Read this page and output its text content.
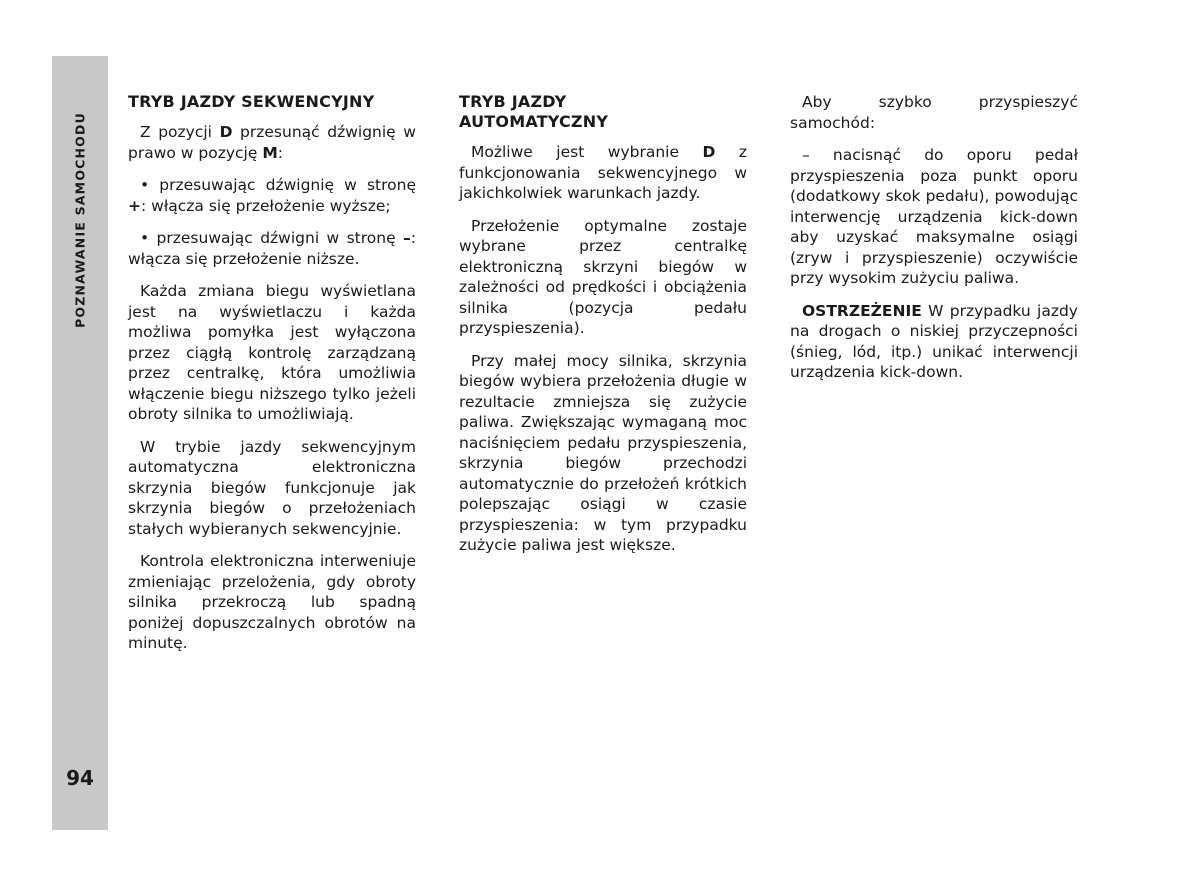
POZNAWANIE SAMOCHODU
94
TRYB JAZDY SEKWENCYJNY

Z pozycji D przesunąć dźwignię w prawo w pozycję M:

• przesuwając dźwignię w stronę +: włącza się przełożenie wyższe;

• przesuwając dźwigni w stronę –: włącza się przełożenie niższe.

Każda zmiana biegu wyświetlana jest na wyświetlaczu i każda możliwa pomyłka jest wyłączona przez ciągłą kontrolę zarządzaną przez centralkę, która umożliwia włączenie biegu niższego tylko jeżeli obroty silnika to umożliwiają.

W trybie jazdy sekwencyjnym automatyczna elektroniczna skrzynia biegów funkcjonuje jak skrzynia biegów o przełożeniach stałych wybieranych sekwencyjnie.

Kontrola elektroniczna interweniuje zmieniając przelożenia, gdy obroty silnika przekroczą lub spadną poniżej dopuszczalnych obrotów na minutę.

TRYB JAZDY
AUTOMATYCZNY

Możliwe jest wybranie D z funkcjonowania sekwencyjnego w jakichkolwiek warunkach jazdy.

Przełożenie optymalne zostaje wybrane przez centralkę elektroniczną skrzyni biegów w zależności od prędkości i obciążenia silnika (pozycja pedału przyspieszenia).

Przy małej mocy silnika, skrzynia biegów wybiera przełożenia długie w rezultacie zmniejsza się zużycie paliwa. Zwiększając wymaganą moc naciśnięciem pedału przyspieszenia, skrzynia biegów przechodzi automatycznie do przełożeń krótkich polepszając osiągi w czasie przyspieszenia: w tym przypadku zużycie paliwa jest większe.

Aby szybko przyspieszyć samochód:

– nacisnąć do oporu pedał przyspieszenia poza punkt oporu (dodatkowy skok pedału), powodując interwencję urządzenia kick-down aby uzyskać maksymalne osiągi (zryw i przyspieszenie) oczywiście przy wysokim zużyciu paliwa.

OSTRZEŻENIE W przypadku jazdy na drogach o niskiej przyczepności (śnieg, lód, itp.) unikać interwencji urządzenia kick-down.
